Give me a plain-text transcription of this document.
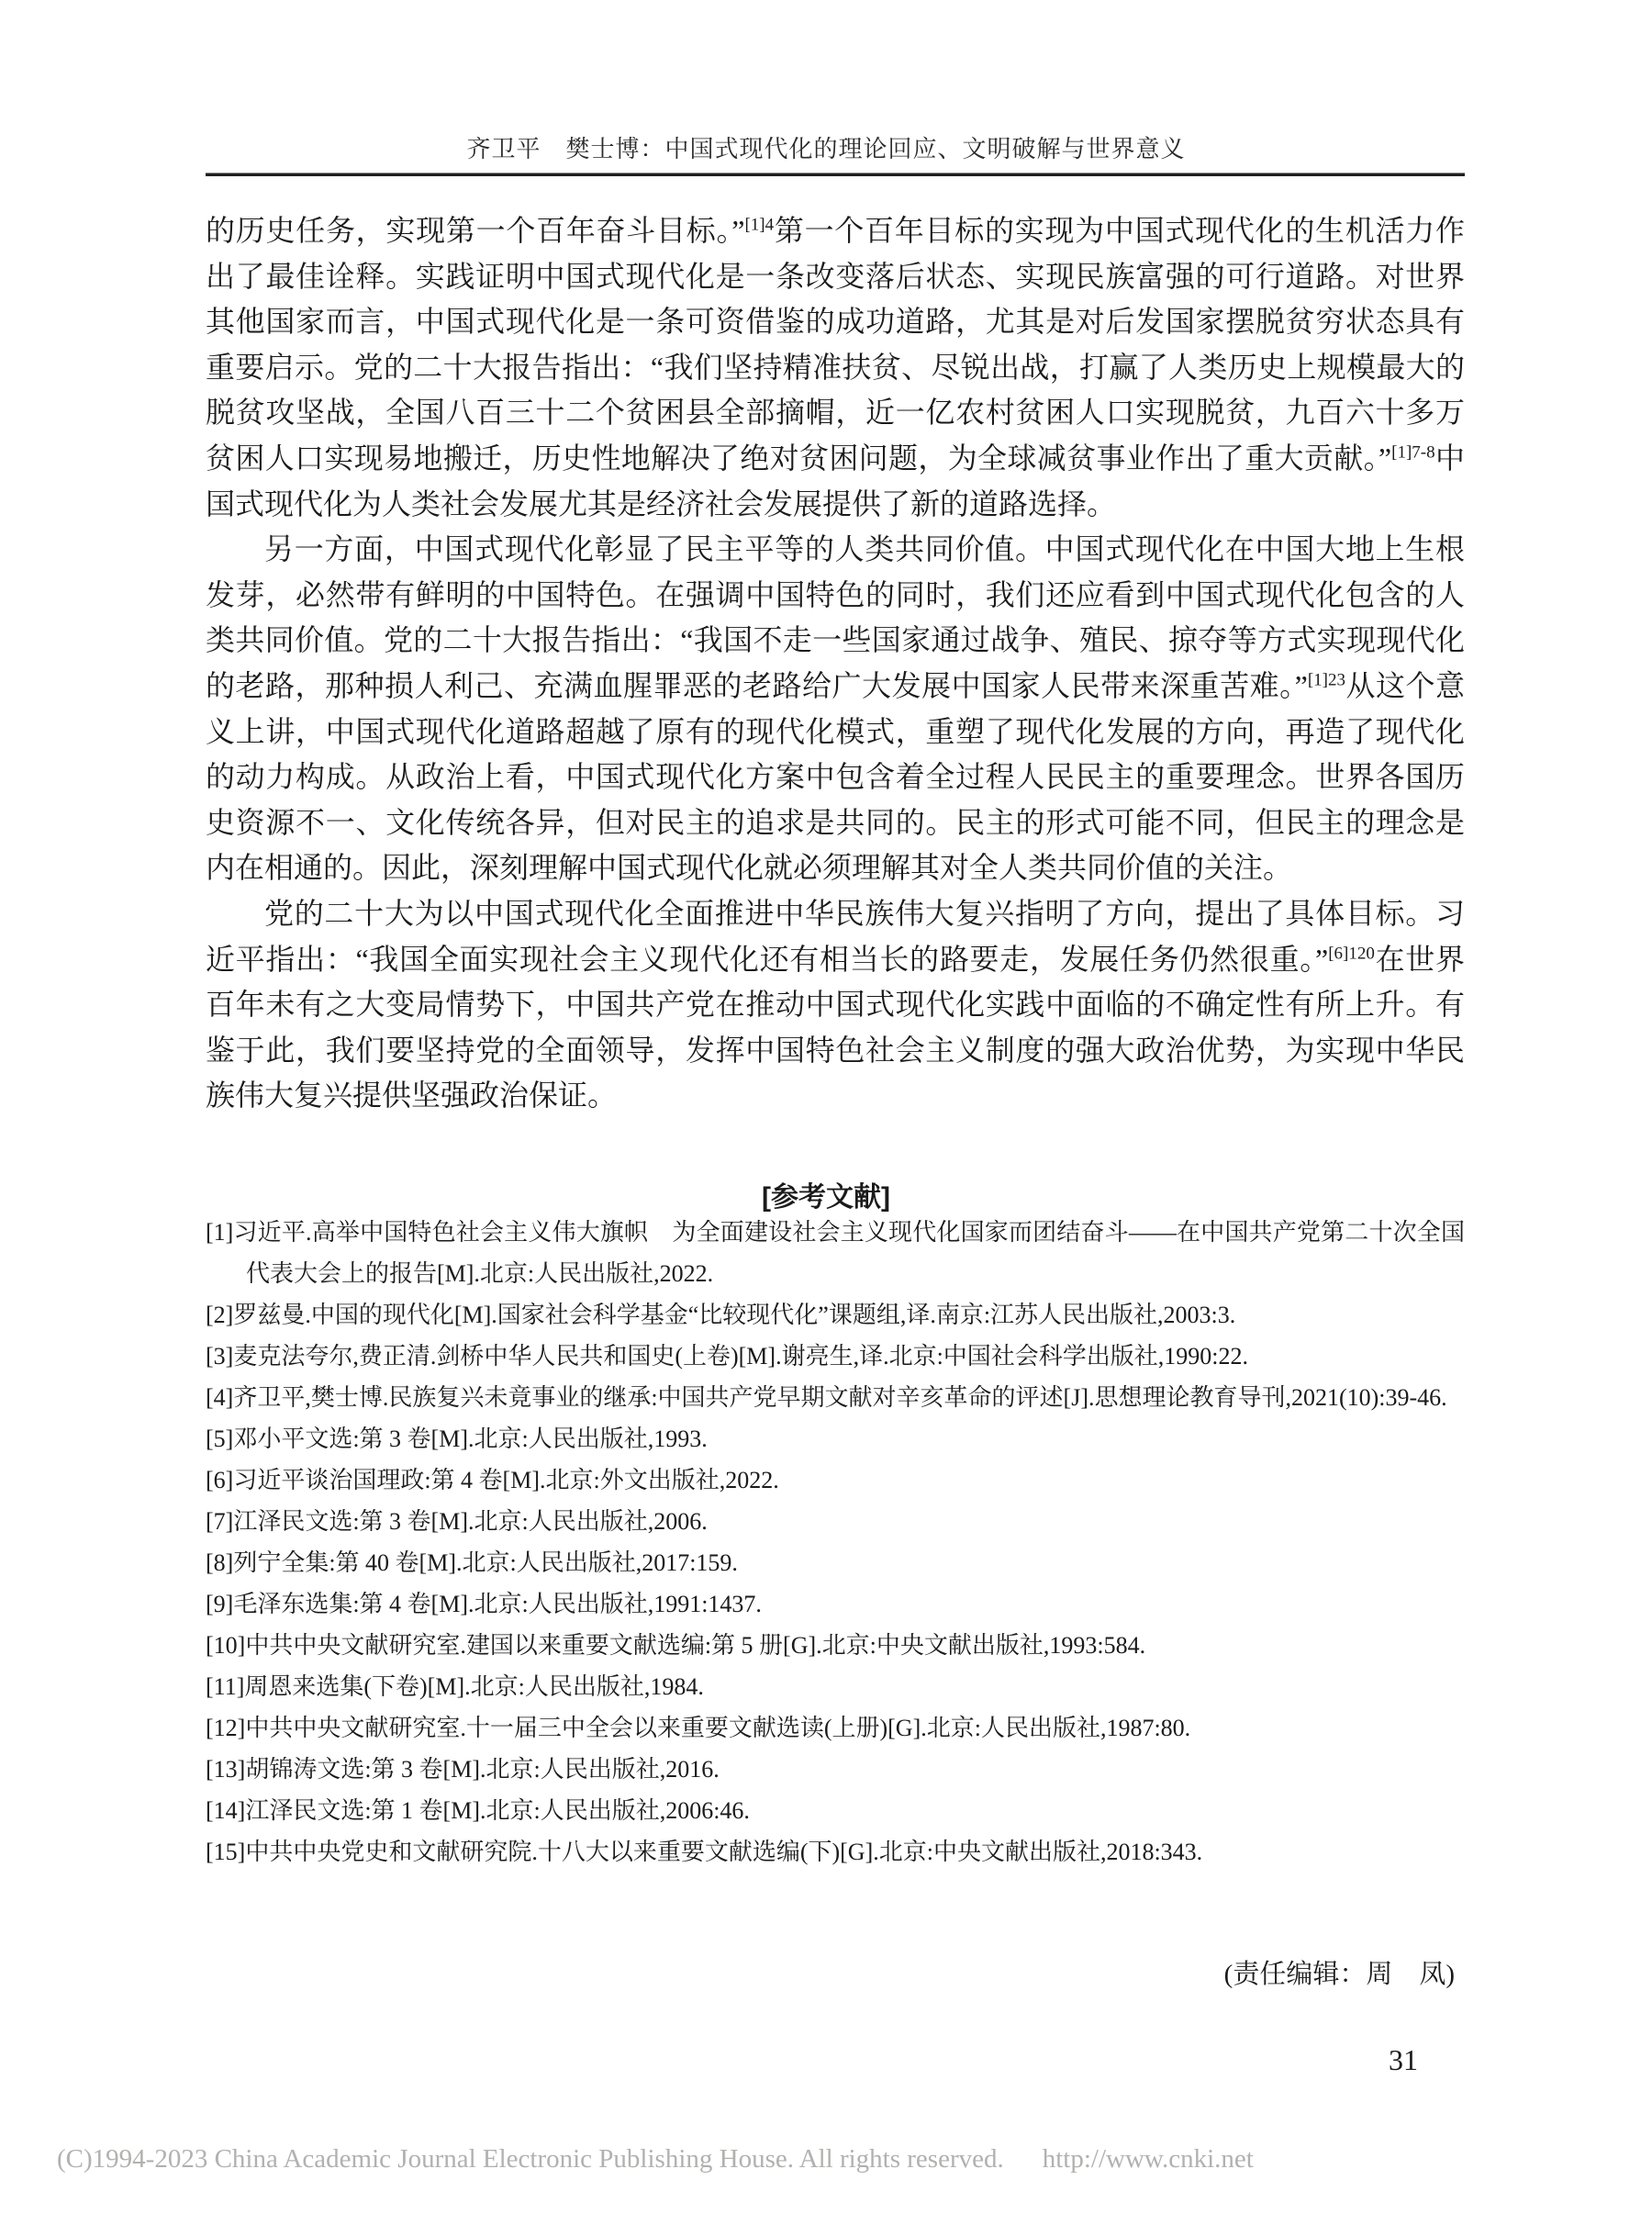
齐卫平　樊士博：中国式现代化的理论回应、文明破解与世界意义

的历史任务，实现第一个百年奋斗目标。”$^{[1]4}$第一个百年目标的实现为中国式现代化的生机活力作出了最佳诠释。实践证明中国式现代化是一条改变落后状态、实现民族富强的可行道路。对世界其他国家而言，中国式现代化是一条可资借鉴的成功道路，尤其是对后发国家摆脱贫穷状态具有重要启示。党的二十大报告指出：“我们坚持精准扶贫、尽锐出战，打赢了人类历史上规模最大的脱贫攻坚战，全国八百三十二个贫困县全部摘帽，近一亿农村贫困人口实现脱贫，九百六十多万贫困人口实现易地搬迁，历史性地解决了绝对贫困问题，为全球减贫事业作出了重大贡献。”$^{[1]7-8}$中国式现代化为人类社会发展尤其是经济社会发展提供了新的道路选择。

另一方面，中国式现代化彰显了民主平等的人类共同价值。中国式现代化在中国大地上生根发芽，必然带有鲜明的中国特色。在强调中国特色的同时，我们还应看到中国式现代化包含的人类共同价值。党的二十大报告指出：“我国不走一些国家通过战争、殖民、掠夺等方式实现现代化的老路，那种损人利己、充满血腥罪恶的老路给广大发展中国家人民带来深重苦难。”$^{[1]23}$从这个意义上讲，中国式现代化道路超越了原有的现代化模式，重塑了现代化发展的方向，再造了现代化的动力构成。从政治上看，中国式现代化方案中包含着全过程人民民主的重要理念。世界各国历史资源不一、文化传统各异，但对民主的追求是共同的。民主的形式可能不同，但民主的理念是内在相通的。因此，深刻理解中国式现代化就必须理解其对全人类共同价值的关注。

党的二十大为以中国式现代化全面推进中华民族伟大复兴指明了方向，提出了具体目标。习近平指出：“我国全面实现社会主义现代化还有相当长的路要走，发展任务仍然很重。”$^{[6]120}$在世界百年未有之大变局情势下，中国共产党在推动中国式现代化实践中面临的不确定性有所上升。有鉴于此，我们要坚持党的全面领导，发挥中国特色社会主义制度的强大政治优势，为实现中华民族伟大复兴提供坚强政治保证。

[参考文献]
[1]习近平.高举中国特色社会主义伟大旗帜　为全面建设社会主义现代化国家而团结奋斗——在中国共产党第二十次全国代表大会上的报告[M].北京:人民出版社,2022.
[2]罗兹曼.中国的现代化[M].国家社会科学基金“比较现代化”课题组,译.南京:江苏人民出版社,2003:3.
[3]麦克法夸尔,费正清.剑桥中华人民共和国史(上卷)[M].谢亮生,译.北京:中国社会科学出版社,1990:22.
[4]齐卫平,樊士博.民族复兴未竟事业的继承:中国共产党早期文献对辛亥革命的评述[J].思想理论教育导刊,2021(10):39-46.
[5]邓小平文选:第 3 卷[M].北京:人民出版社,1993.
[6]习近平谈治国理政:第 4 卷[M].北京:外文出版社,2022.
[7]江泽民文选:第 3 卷[M].北京:人民出版社,2006.
[8]列宁全集:第 40 卷[M].北京:人民出版社,2017:159.
[9]毛泽东选集:第 4 卷[M].北京:人民出版社,1991:1437.
[10]中共中央文献研究室.建国以来重要文献选编:第 5 册[G].北京:中央文献出版社,1993:584.
[11]周恩来选集(下卷)[M].北京:人民出版社,1984.
[12]中共中央文献研究室.十一届三中全会以来重要文献选读(上册)[G].北京:人民出版社,1987:80.
[13]胡锦涛文选:第 3 卷[M].北京:人民出版社,2016.
[14]江泽民文选:第 1 卷[M].北京:人民出版社,2006:46.
[15]中共中央党史和文献研究院.十八大以来重要文献选编(下)[G].北京:中央文献出版社,2018:343.
(责任编辑：周　凤)
31
(C)1994-2023 China Academic Journal Electronic Publishing House. All rights reserved. http://www.cnki.net
